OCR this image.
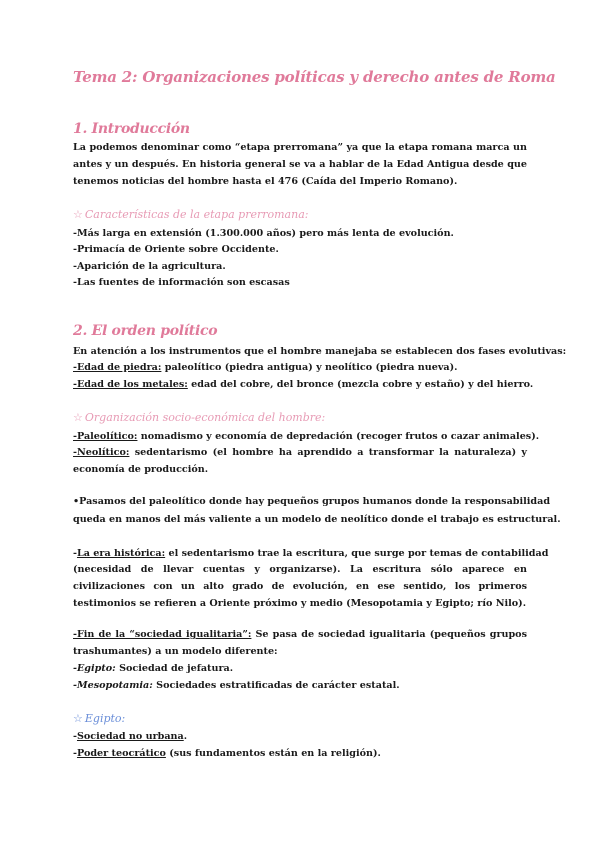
Tema 2: Organizaciones políticas y derecho antes de Roma
1. Introducción
La podemos denominar como “etapa prerromana” ya que la etapa romana marca un antes y un después. En historia general se va a hablar de la Edad Antigua desde que tenemos noticias del hombre hasta el 476 (Caída del Imperio Romano).
☆ Características de la etapa prerromana:
-Más larga en extensión (1.300.000 años) pero más lenta de evolución.
-Primacía de Oriente sobre Occidente.
-Aparición de la agricultura.
-Las fuentes de información son escasas
2. El orden político
En atención a los instrumentos que el hombre manejaba se establecen dos fases evolutivas:
-Edad de piedra: paleolítico (piedra antigua) y neolítico (piedra nueva).
-Edad de los metales: edad del cobre, del bronce (mezcla cobre y estaño) y del hierro.
☆ Organización socio-económica del hombre:
-Paleolítico: nomadismo y economía de depredación (recoger frutos o cazar animales).
-Neolítico: sedentarismo (el hombre ha aprendido a transformar la naturaleza) y economía de producción.
•Pasamos del paleolítico donde hay pequeños grupos humanos donde la responsabilidad
queda en manos del más valiente a un modelo de neolítico donde el trabajo es estructural.
-La era histórica: el sedentarismo trae la escritura, que surge por temas de contabilidad
(necesidad de llevar cuentas y organizarse). La escritura sólo aparece en civilizaciones con un alto grado de evolución, en ese sentido, los primeros testimonios se refieren a Oriente próximo y medio (Mesopotamia y Egipto; río Nilo).
-Fin de la “sociedad igualitaria”: Se pasa de sociedad igualitaria (pequeños grupos trashumantes) a un modelo diferente:
-Egipto: Sociedad de jefatura.
-Mesopotamia: Sociedades estratificadas de carácter estatal.
☆ Egipto:
-Sociedad no urbana.
-Poder teocrático (sus fundamentos están en la religión).
